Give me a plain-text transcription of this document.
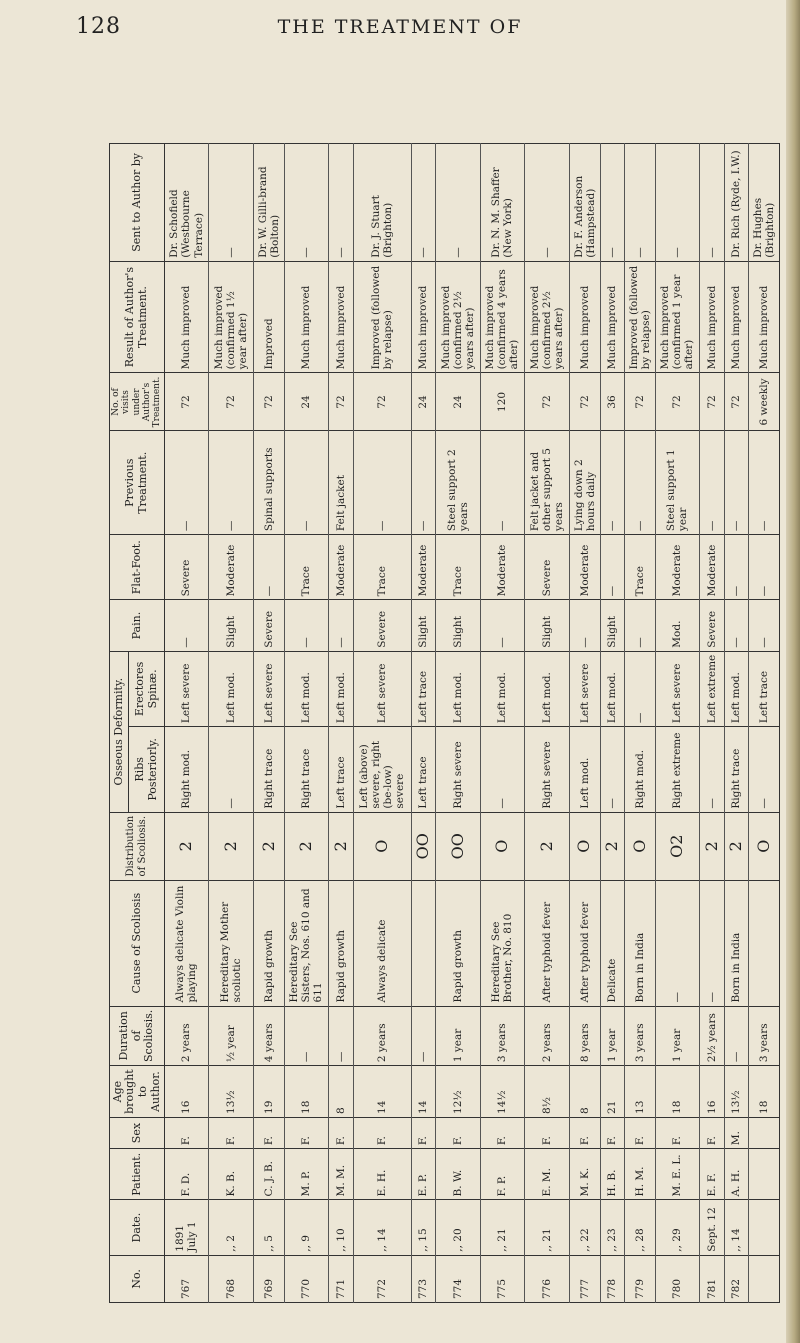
128	THE TREATMENT OF
No.	Date.	Patient.	Sex	Age brought to Author.	Duration of Scoliosis.	Cause of Scoliosis	Distribution of Scoliosis.	Osseous Deformity.		Pain.	Flat-Foot.	Previous Treatment.	No. of visits under Author's Treatment.	Result of Author's Treatment.	Sent to Author by
								Ribs Posteriorly.	Erectores Spinæ.						
767	1891 July 1	F. D.	F.	16	2 years	Always delicate Violin playing	2	Right mod.	Left severe	—	Severe	—	72	Much improved	Dr. Schofield (Westbourne Terrace)
768	,, 2	K. B.	F.	13½	½ year	Hereditary Mother scoliotic	2	—	Left mod.	Slight	Moderate	—	72	Much improved (confirmed 1½ year after)	—
769	,, 5	C. J. B.	F.	19	4 years	Rapid growth	2	Right trace	Left severe	Severe	—	Spinal supports	72	Improved	Dr. W. Gilli-brand (Bolton)
770	,, 9	M. P.	F.	18	—	Hereditary See Sisters, Nos. 610 and 611	2	Right trace	Left mod.	—	Trace	—	24	Much improved	—
771	,, 10	M. M.	F.	8	—	Rapid growth	2	Left trace	Left mod.	—	Moderate	Felt jacket	72	Much improved	—
772	,, 14	E. H.	F.	14	2 years	Always delicate	O	Left (above) severe, right (be-low) severe	Left severe	Severe	Trace	—	72	Improved (followed by relapse)	Dr. J. Stuart (Brighton)
773	,, 15	E. P.	F.	14	—		OO	Left trace	Left trace	Slight	Moderate	—	24	Much improved	—
774	,, 20	B. W.	F.	12½	1 year	Rapid growth	OO	Right severe	Left mod.	Slight	Trace	Steel support 2 years	24	Much improved (confirmed 2½ years after)	—
775	,, 21	F. P.	F.	14½	3 years	Hereditary See Brother, No. 810	O	—	Left mod.	—	Moderate	—	120	Much improved (confirmed 4 years after)	Dr. N. M. Shaffer (New York)
776	,, 21	E. M.	F.	8½	2 years	After typhoid fever	2	Right severe	Left mod.	Slight	Severe	Felt jacket and other support 5 years	72	Much improved (confirmed 2½ years after)	—
777	,, 22	M. K.	F.	8	8 years	After typhoid fever	O	Left mod.	Left severe	—	Moderate	Lying down 2 hours daily	72	Much improved	Dr. F. Anderson (Hampstead)
778	,, 23	H. B.	F.	21	1 year	Delicate	2	—	Left mod.	Slight	—	—	36	Much improved	—
779	,, 28	H. M.	F.	13	3 years	Born in India	O	Right mod.	—	—	Trace	—	72	Improved (followed by relapse)	—
780	,, 29	M. E. L.	F.	18	1 year	—	O2	Right extreme	Left severe	Mod.	Moderate	Steel support 1 year	72	Much improved (confirmed 1 year after)	—
781	Sept. 12	E. F.	F.	16	2½ years	—	2	—	Left extreme	Severe	Moderate	—	72	Much improved	—
782	,, 14	A. H.	M.	13½	—	Born in India	2	Right trace	Left mod.	—	—	—	72	Much improved	Dr. Rich (Ryde, I.W.)
				18	3 years		O	—	Left trace	—	—	—	6 weekly	Much improved	Dr. Hughes (Brighton)
